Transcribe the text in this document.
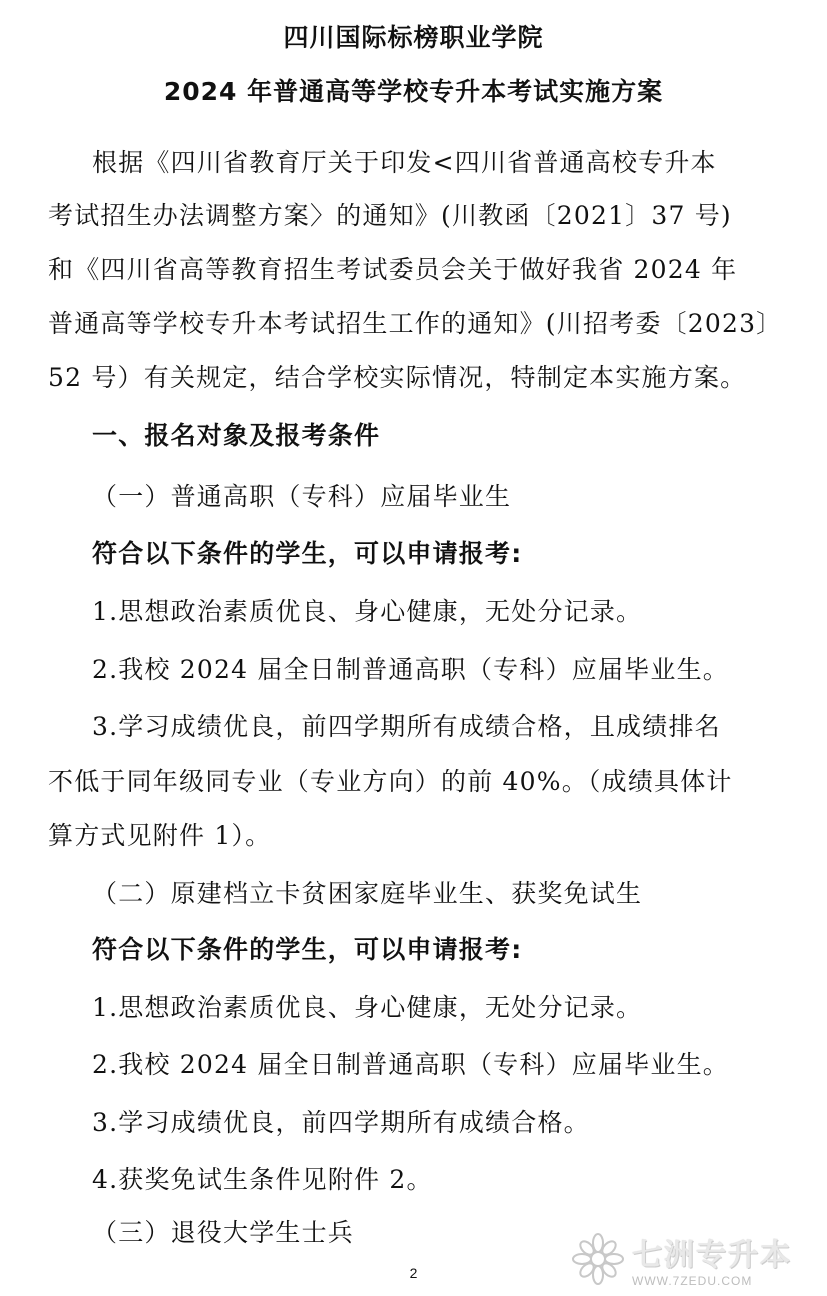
四川国际标榜职业学院
2024 年普通高等学校专升本考试实施方案
根据《四川省教育厅关于印发<四川省普通高校专升本
考试招生办法调整方案〉的通知》(川教函〔2021〕37 号)
和《四川省高等教育招生考试委员会关于做好我省 2024 年
普通高等学校专升本考试招生工作的通知》(川招考委〔2023〕
52 号）有关规定，结合学校实际情况，特制定本实施方案。
一、报名对象及报考条件
（一）普通高职（专科）应届毕业生
符合以下条件的学生，可以申请报考:
1.思想政治素质优良、身心健康，无处分记录。
2.我校 2024 届全日制普通高职（专科）应届毕业生。
3.学习成绩优良，前四学期所有成绩合格，且成绩排名
不低于同年级同专业（专业方向）的前 40%。（成绩具体计
算方式见附件 1）。
（二）原建档立卡贫困家庭毕业生、获奖免试生
符合以下条件的学生，可以申请报考:
1.思想政治素质优良、身心健康，无处分记录。
2.我校 2024 届全日制普通高职（专科）应届毕业生。
3.学习成绩优良，前四学期所有成绩合格。
4.获奖免试生条件见附件 2。
（三）退役大学生士兵
2	七洲专升本
WWW.7ZEDU.COM
